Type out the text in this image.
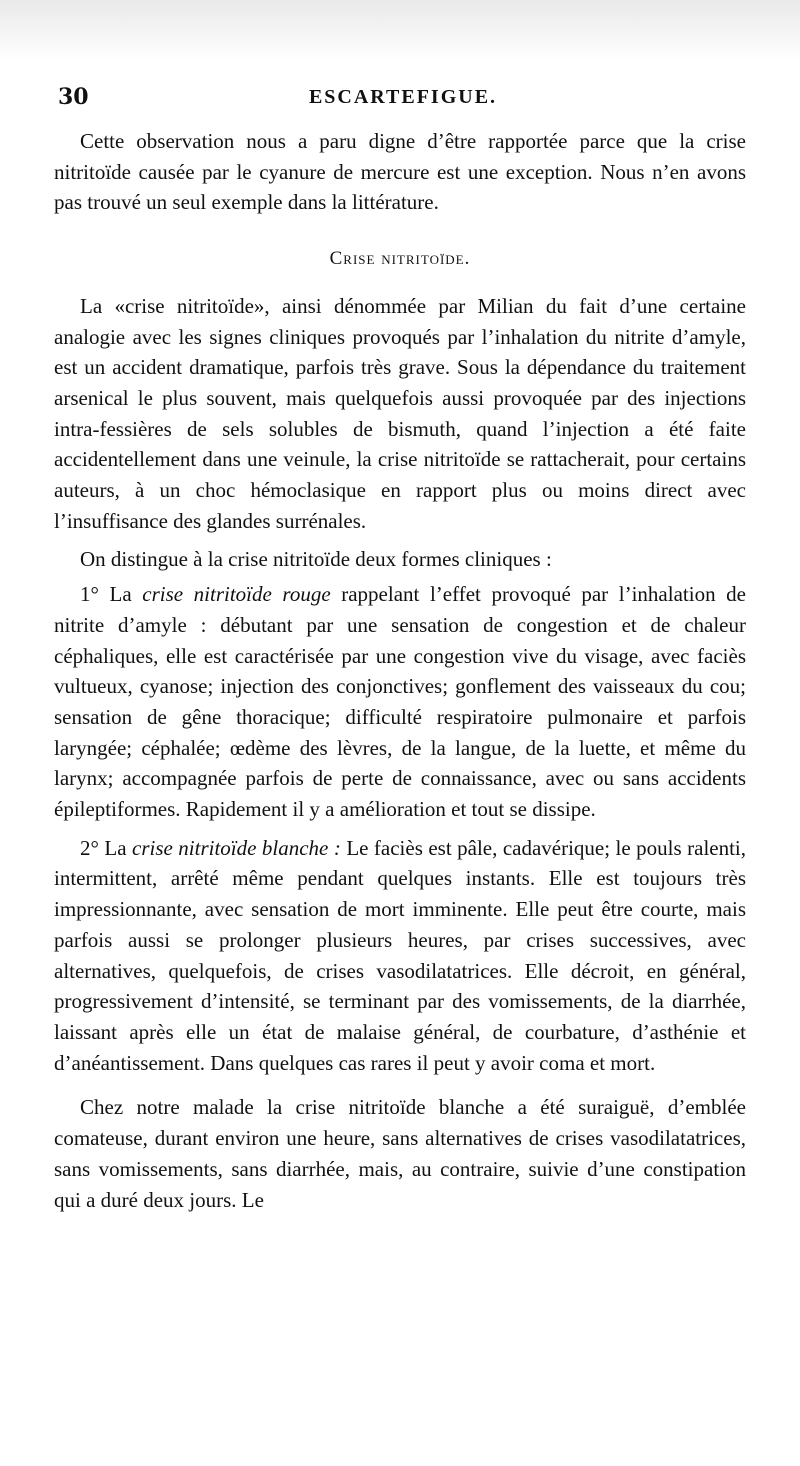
30	ESCARTEFIGUE.

Cette observation nous a paru digne d’être rapportée parce que la crise nitritoïde causée par le cyanure de mercure est une exception. Nous n’en avons pas trouvé un seul exemple dans la littérature.

Crise nitritoïde.

La «crise nitritoïde», ainsi dénommée par Milian du fait d’une certaine analogie avec les signes cliniques provoqués par l’inhalation du nitrite d’amyle, est un accident dramatique, parfois très grave. Sous la dépendance du traitement arsenical le plus souvent, mais quelquefois aussi provoquée par des injections intra-fessières de sels solubles de bismuth, quand l’injection a été faite accidentellement dans une veinule, la crise nitritoïde se rattacherait, pour certains auteurs, à un choc hémoclasique en rapport plus ou moins direct avec l’insuffisance des glandes surrénales.

On distingue à la crise nitritoïde deux formes cliniques :

1° La crise nitritoïde rouge rappelant l’effet provoqué par l’inhalation de nitrite d’amyle : débutant par une sensation de congestion et de chaleur céphaliques, elle est caractérisée par une congestion vive du visage, avec faciès vultueux, cyanose; injection des conjonctives; gonflement des vaisseaux du cou; sensation de gêne thoracique; difficulté respiratoire pulmonaire et parfois laryngée; céphalée; œdème des lèvres, de la langue, de la luette, et même du larynx; accompagnée parfois de perte de connaissance, avec ou sans accidents épileptiformes. Rapidement il y a amélioration et tout se dissipe.

2° La crise nitritoïde blanche : Le faciès est pâle, cadavérique; le pouls ralenti, intermittent, arrêté même pendant quelques instants. Elle est toujours très impressionnante, avec sensation de mort imminente. Elle peut être courte, mais parfois aussi se prolonger plusieurs heures, par crises successives, avec alternatives, quelquefois, de crises vasodilatatrices. Elle décroit, en général, progressivement d’intensité, se terminant par des vomissements, de la diarrhée, laissant après elle un état de malaise général, de courbature, d’asthénie et d’anéantissement. Dans quelques cas rares il peut y avoir coma et mort.

Chez notre malade la crise nitritoïde blanche a été suraiguë, d’emblée comateuse, durant environ une heure, sans alternatives de crises vasodilatatrices, sans vomissements, sans diarrhée, mais, au contraire, suivie d’une constipation qui a duré deux jours. Le
